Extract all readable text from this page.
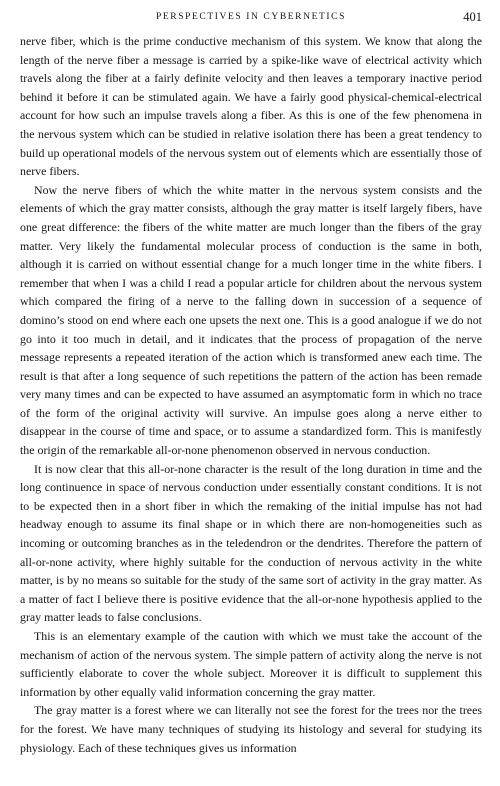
PERSPECTIVES IN CYBERNETICS	401

nerve fiber, which is the prime conductive mechanism of this system. We know that along the length of the nerve fiber a message is carried by a spike-like wave of electrical activity which travels along the fiber at a fairly definite velocity and then leaves a temporary inactive period behind it before it can be stimulated again. We have a fairly good physical-chemical-electrical account for how such an impulse travels along a fiber. As this is one of the few phenomena in the nervous system which can be studied in relative isolation there has been a great tendency to build up operational models of the nervous system out of elements which are essentially those of nerve fibers.

Now the nerve fibers of which the white matter in the nervous system consists and the elements of which the gray matter consists, although the gray matter is itself largely fibers, have one great difference: the fibers of the white matter are much longer than the fibers of the gray matter. Very likely the fundamental molecular process of conduction is the same in both, although it is carried on without essential change for a much longer time in the white fibers. I remember that when I was a child I read a popular article for children about the nervous system which compared the firing of a nerve to the falling down in succession of a sequence of domino’s stood on end where each one upsets the next one. This is a good analogue if we do not go into it too much in detail, and it indicates that the process of propagation of the nerve message represents a repeated iteration of the action which is transformed anew each time. The result is that after a long sequence of such repetitions the pattern of the action has been remade very many times and can be expected to have assumed an asymptomatic form in which no trace of the form of the original activity will survive. An impulse goes along a nerve either to disappear in the course of time and space, or to assume a standardized form. This is manifestly the origin of the remarkable all-or-none phenomenon observed in nervous conduction.

It is now clear that this all-or-none character is the result of the long duration in time and the long continuence in space of nervous conduction under essentially constant conditions. It is not to be expected then in a short fiber in which the remaking of the initial impulse has not had headway enough to assume its final shape or in which there are non-homogeneities such as incoming or outcoming branches as in the teledendron or the dendrites. Therefore the pattern of all-or-none activity, where highly suitable for the conduction of nervous activity in the white matter, is by no means so suitable for the study of the same sort of activity in the gray matter. As a matter of fact I believe there is positive evidence that the all-or-none hypothesis applied to the gray matter leads to false conclusions.

This is an elementary example of the caution with which we must take the account of the mechanism of action of the nervous system. The simple pattern of activity along the nerve is not sufficiently elaborate to cover the whole subject. Moreover it is difficult to supplement this information by other equally valid information concerning the gray matter.

The gray matter is a forest where we can literally not see the forest for the trees nor the trees for the forest. We have many techniques of studying its histology and several for studying its physiology. Each of these techniques gives us information
